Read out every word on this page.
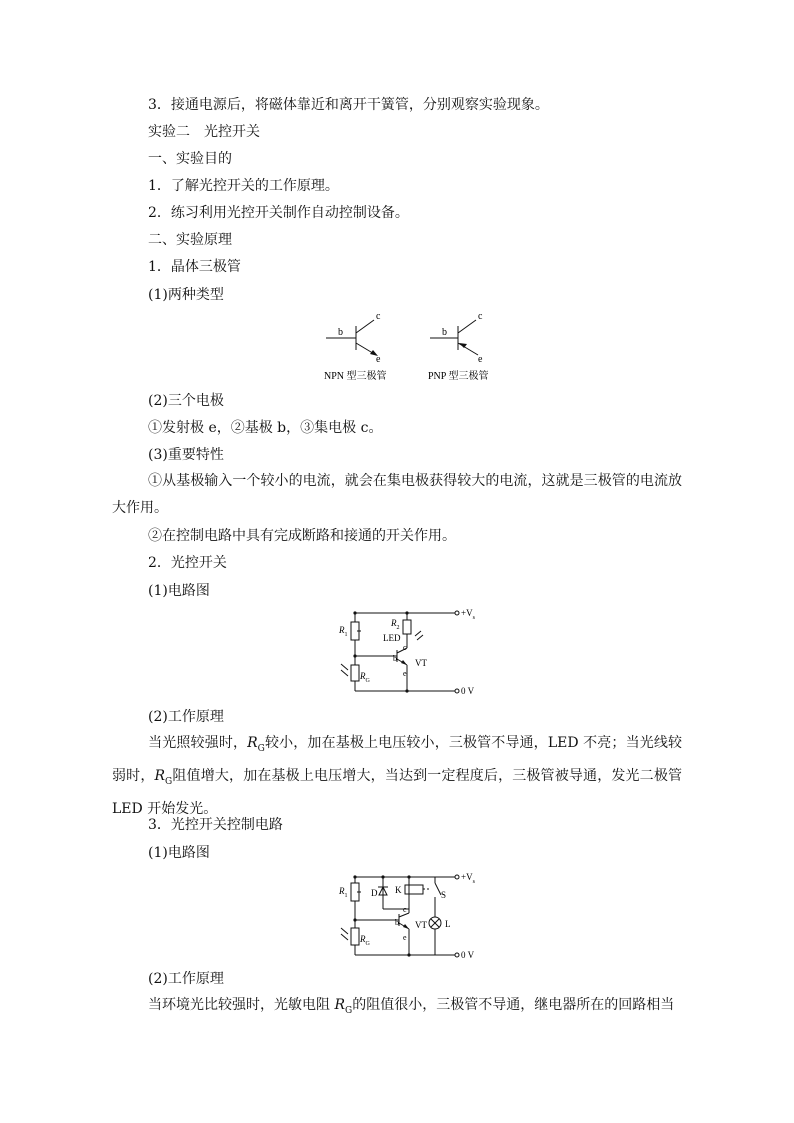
3．接通电源后，将磁体靠近和离开干簧管，分别观察实验现象。
实验二　光控开关
一、实验目的
1．了解光控开关的工作原理。
2．练习利用光控开关制作自动控制设备。
二、实验原理
1．晶体三极管
(1)两种类型
b
c
e
NPN 型三极管
b
c
e
PNP 型三极管
(2)三个电极
①发射极 e，②基极 b，③集电极 c。
(3)重要特性
①从基极输入一个较小的电流，就会在集电极获得较大的电流，这就是三极管的电流放大作用。
②在控制电路中具有完成断路和接通的开关作用。
2．光控开关
(1)电路图
$+V_s$
0 V
$R_1$
$R_2$
$R_G$
LED
VT
b
c
e
(2)工作原理
当光照较强时，$R_G$较小，加在基极上电压较小，三极管不导通，LED 不亮；当光线较弱时，$R_G$阻值增大，加在基极上电压增大，当达到一定程度后，三极管被导通，发光二极管 LED 开始发光。
3．光控开关控制电路
(1)电路图
$+V_s$
0 V
$R_1$
$R_G$
D K	S
VT L
b
c
e
(2)工作原理
当环境光比较强时，光敏电阻 $R_G$的阻值很小，三极管不导通，继电器所在的回路相当
